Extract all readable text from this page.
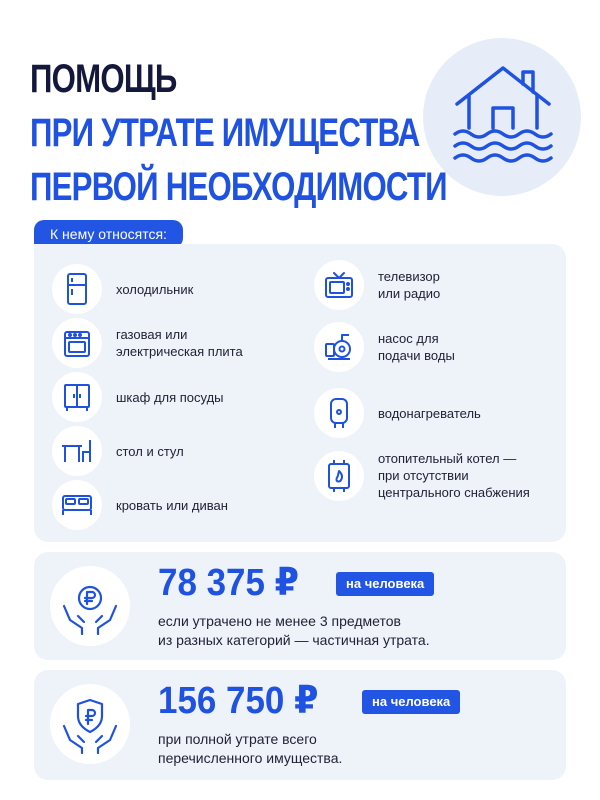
ПОМОЩЬ
ПРИ УТРАТЕ ИМУЩЕСТВА
ПЕРВОЙ НЕОБХОДИМОСТИ
К нему относятся:
холодильник
газовая или
электрическая плита
шкаф для посуды
стол и стул
кровать или диван
телевизор
или радио
насос для
подачи воды
водонагреватель
отопительный котел —
при отсутствии
центрального снабжения
78 375 ₽	на человека
если утрачено не менее 3 предметов
из разных категорий — частичная утрата.
156 750 ₽	на человека
при полной утрате всего
перечисленного имущества.
